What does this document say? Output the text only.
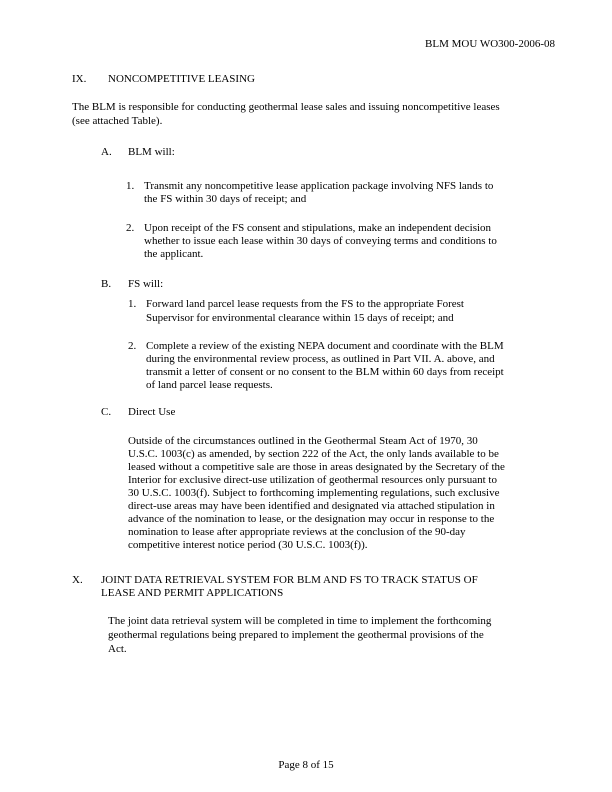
BLM MOU WO300-2006-08
IX. NONCOMPETITIVE LEASING
The BLM is responsible for conducting geothermal lease sales and issuing noncompetitive leases
(see attached Table).
A. BLM will:
1. Transmit any noncompetitive lease application package involving NFS lands to
the FS within 30 days of receipt; and
2. Upon receipt of the FS consent and stipulations, make an independent decision
whether to issue each lease within 30 days of conveying terms and conditions to
the applicant.
B. FS will:
1. Forward land parcel lease requests from the FS to the appropriate Forest
Supervisor for environmental clearance within 15 days of receipt; and
2. Complete a review of the existing NEPA document and coordinate with the BLM
during the environmental review process, as outlined in Part VII. A. above, and
transmit a letter of consent or no consent to the BLM within 60 days from receipt
of land parcel lease requests.
C. Direct Use
Outside of the circumstances outlined in the Geothermal Steam Act of 1970, 30
U.S.C. 1003(c) as amended, by section 222 of the Act, the only lands available to be
leased without a competitive sale are those in areas designated by the Secretary of the
Interior for exclusive direct-use utilization of geothermal resources only pursuant to
30 U.S.C. 1003(f). Subject to forthcoming implementing regulations, such exclusive
direct-use areas may have been identified and designated via attached stipulation in
advance of the nomination to lease, or the designation may occur in response to the
nomination to lease after appropriate reviews at the conclusion of the 90-day
competitive interest notice period (30 U.S.C. 1003(f)).
X. JOINT DATA RETRIEVAL SYSTEM FOR BLM AND FS TO TRACK STATUS OF
LEASE AND PERMIT APPLICATIONS
The joint data retrieval system will be completed in time to implement the forthcoming
geothermal regulations being prepared to implement the geothermal provisions of the
Act.
Page 8 of 15
